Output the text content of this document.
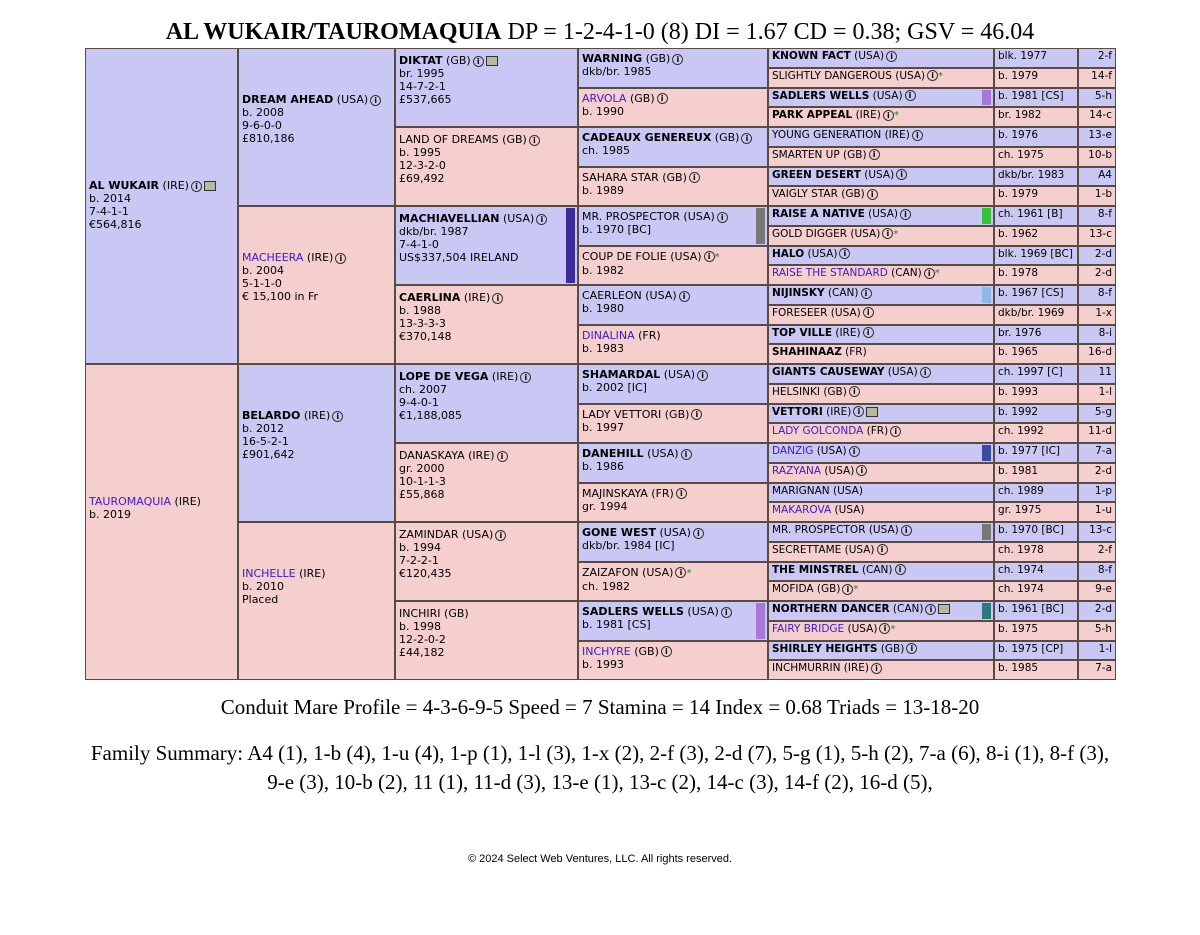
AL WUKAIR/TAUROMAQUIA DP = 1-2-4-1-0 (8) DI = 1.67 CD = 0.38; GSV = 46.04
AL WUKAIR (IRE) i
b. 2014
7-4-1-1
€564,816
TAUROMAQUIA (IRE)
b. 2019
DREAM AHEAD (USA) i
b. 2008
9-6-0-0
£810,186
MACHEERA (IRE) i
b. 2004
5-1-1-0
€ 15,100 in Fr
BELARDO (IRE) i
b. 2012
16-5-2-1
£901,642
INCHELLE (IRE)
b. 2010
Placed
DIKTAT (GB) i
br. 1995
14-7-2-1
£537,665
LAND OF DREAMS (GB) i
b. 1995
12-3-2-0
£69,492
MACHIAVELLIAN (USA) i
dkb/br. 1987
7-4-1-0
US$337,504 IRELAND
CAERLINA (IRE) i
b. 1988
13-3-3-3
€370,148
LOPE DE VEGA (IRE) i
ch. 2007
9-4-0-1
€1,188,085
DANASKAYA (IRE) i
gr. 2000
10-1-1-3
£55,868
ZAMINDAR (USA) i
b. 1994
7-2-2-1
€120,435
INCHIRI (GB)
b. 1998
12-2-0-2
£44,182
WARNING (GB) i
dkb/br. 1985
ARVOLA (GB) i
b. 1990
CADEAUX GENEREUX (GB) i
ch. 1985
SAHARA STAR (GB) i
b. 1989
MR. PROSPECTOR (USA) i
b. 1970 [BC]
COUP DE FOLIE (USA) i *
b. 1982
CAERLEON (USA) i
b. 1980
DINALINA (FR)
b. 1983
SHAMARDAL (USA) i
b. 2002 [IC]
LADY VETTORI (GB) i
b. 1997
DANEHILL (USA) i
b. 1986
MAJINSKAYA (FR) i
gr. 1994
GONE WEST (USA) i
dkb/br. 1984 [IC]
ZAIZAFON (USA) i *
ch. 1982
SADLERS WELLS (USA) i
b. 1981 [CS]
INCHYRE (GB) i
b. 1993
KNOWN FACT (USA) i	blk. 1977	2-f
SLIGHTLY DANGEROUS (USA) i *	b. 1979	14-f
SADLERS WELLS (USA) i	b. 1981 [CS]	5-h
PARK APPEAL (IRE) i *	br. 1982	14-c
YOUNG GENERATION (IRE) i	b. 1976	13-e
SMARTEN UP (GB) i	ch. 1975	10-b
GREEN DESERT (USA) i	dkb/br. 1983	A4
VAIGLY STAR (GB) i	b. 1979	1-b
RAISE A NATIVE (USA) i	ch. 1961 [B]	8-f
GOLD DIGGER (USA) i *	b. 1962	13-c
HALO (USA) i	blk. 1969 [BC]	2-d
RAISE THE STANDARD (CAN) i *	b. 1978	2-d
NIJINSKY (CAN) i	b. 1967 [CS]	8-f
FORESEER (USA) i	dkb/br. 1969	1-x
TOP VILLE (IRE) i	br. 1976	8-i
SHAHINAAZ (FR)	b. 1965	16-d
GIANTS CAUSEWAY (USA) i	ch. 1997 [C]	11
HELSINKI (GB) i	b. 1993	1-l
VETTORI (IRE) i	b. 1992	5-g
LADY GOLCONDA (FR) i	ch. 1992	11-d
DANZIG (USA) i	b. 1977 [IC]	7-a
RAZYANA (USA) i	b. 1981	2-d
MARIGNAN (USA)	ch. 1989	1-p
MAKAROVA (USA)	gr. 1975	1-u
MR. PROSPECTOR (USA) i	b. 1970 [BC]	13-c
SECRETTAME (USA) i	ch. 1978	2-f
THE MINSTREL (CAN) i	ch. 1974	8-f
MOFIDA (GB) i *	ch. 1974	9-e
NORTHERN DANCER (CAN) i	b. 1961 [BC]	2-d
FAIRY BRIDGE (USA) i *	b. 1975	5-h
SHIRLEY HEIGHTS (GB) i	b. 1975 [CP]	1-l
INCHMURRIN (IRE) i	b. 1985	7-a
Conduit Mare Profile = 4-3-6-9-5 Speed = 7 Stamina = 14 Index = 0.68 Triads = 13-18-20
Family Summary: A4 (1), 1-b (4), 1-u (4), 1-p (1), 1-l (3), 1-x (2), 2-f (3), 2-d (7), 5-g (1), 5-h (2), 7-a (6), 8-i (1), 8-f (3), 9-e (3), 10-b (2), 11 (1), 11-d (3), 13-e (1), 13-c (2), 14-c (3), 14-f (2), 16-d (5),
© 2024 Select Web Ventures, LLC. All rights reserved.
